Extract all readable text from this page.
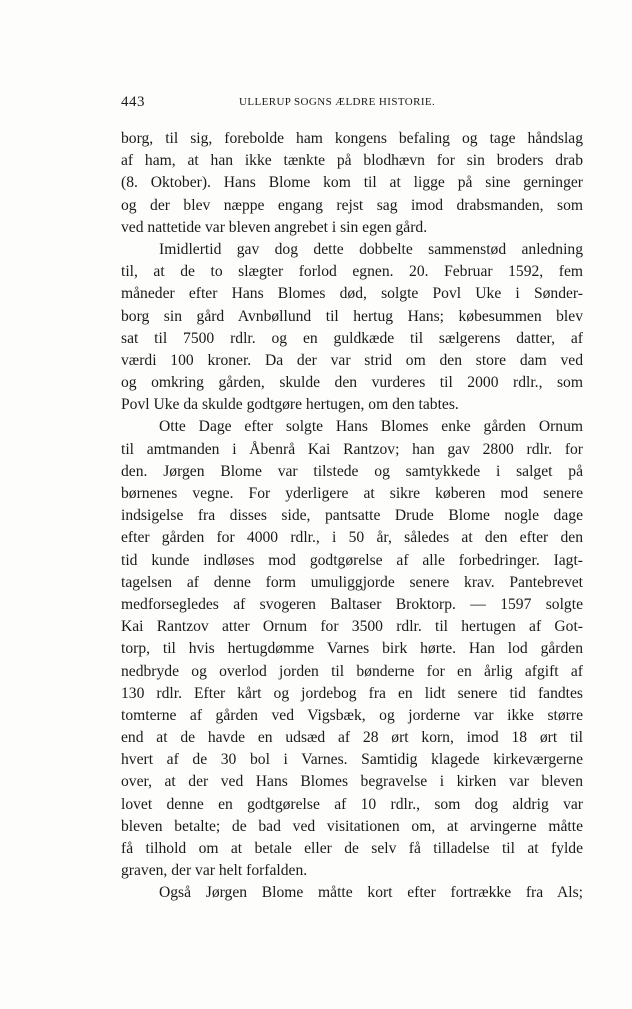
443	ULLERUP SOGNS ÆLDRE HISTORIE.
borg, til sig, forebolde ham kongens befaling og tage håndslag
af ham, at han ikke tænkte på blodhævn for sin broders drab
(8. Oktober). Hans Blome kom til at ligge på sine gerninger
og der blev næppe engang rejst sag imod drabsmanden, som
ved nattetide var bleven angrebet i sin egen gård.
Imidlertid gav dog dette dobbelte sammenstød anledning
til, at de to slægter forlod egnen. 20. Februar 1592, fem
måneder efter Hans Blomes død, solgte Povl Uke i Sønder-
borg sin gård Avnbøllund til hertug Hans; købesummen blev
sat til 7500 rdlr. og en guldkæde til sælgerens datter, af
værdi 100 kroner. Da der var strid om den store dam ved
og omkring gården, skulde den vurderes til 2000 rdlr., som
Povl Uke da skulde godtgøre hertugen, om den tabtes.
Otte Dage efter solgte Hans Blomes enke gården Ornum
til amtmanden i Åbenrå Kai Rantzov; han gav 2800 rdlr. for
den. Jørgen Blome var tilstede og samtykkede i salget på
børnenes vegne. For yderligere at sikre køberen mod senere
indsigelse fra disses side, pantsatte Drude Blome nogle dage
efter gården for 4000 rdlr., i 50 år, således at den efter den
tid kunde indløses mod godtgørelse af alle forbedringer. Iagt-
tagelsen af denne form umuliggjorde senere krav. Pantebrevet
medforsegledes af svogeren Baltaser Broktorp. — 1597 solgte
Kai Rantzov atter Ornum for 3500 rdlr. til hertugen af Got-
torp, til hvis hertugdømme Varnes birk hørte. Han lod gården
nedbryde og overlod jorden til bønderne for en årlig afgift af
130 rdlr. Efter kårt og jordebog fra en lidt senere tid fandtes
tomterne af gården ved Vigsbæk, og jorderne var ikke større
end at de havde en udsæd af 28 ørt korn, imod 18 ørt til
hvert af de 30 bol i Varnes. Samtidig klagede kirkeværgerne
over, at der ved Hans Blomes begravelse i kirken var bleven
lovet denne en godtgørelse af 10 rdlr., som dog aldrig var
bleven betalte; de bad ved visitationen om, at arvingerne måtte
få tilhold om at betale eller de selv få tilladelse til at fylde
graven, der var helt forfalden.
Også Jørgen Blome måtte kort efter fortrække fra Als;
